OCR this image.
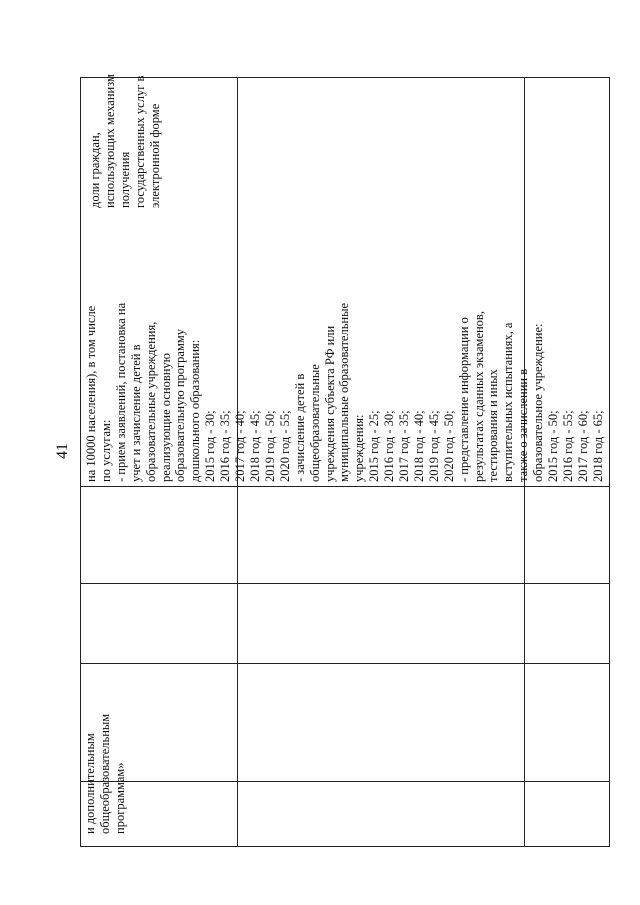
41
доли граждан, использующих механизм получения государственных услуг в электронной форме
на 10000 населения), в том числе по услугам: - прием заявлений, постановка на учет и зачисление детей в образовательные учреждения, реализующие основную образовательную программу дошкольного образования: 2015 год - 30; 2016 год - 35; 2017 год - 40; 2018 год - 45; 2019 год - 50; 2020 год - 55; - зачисление детей в общеобразовательные учреждения субъекта РФ или муниципальные образовательные учреждения: 2015 год - 25; 2016 год - 30; 2017 год - 35; 2018 год - 40; 2019 год - 45; 2020 год - 50; - представление информации о результатах сданных экзаменов, тестирования и иных вступительных испытаниях, а также о зачислении в образовательное учреждение: 2015 год - 50; 2016 год - 55; 2017 год - 60; 2018 год - 65;
и дополнительным общеобразовательным программам»
